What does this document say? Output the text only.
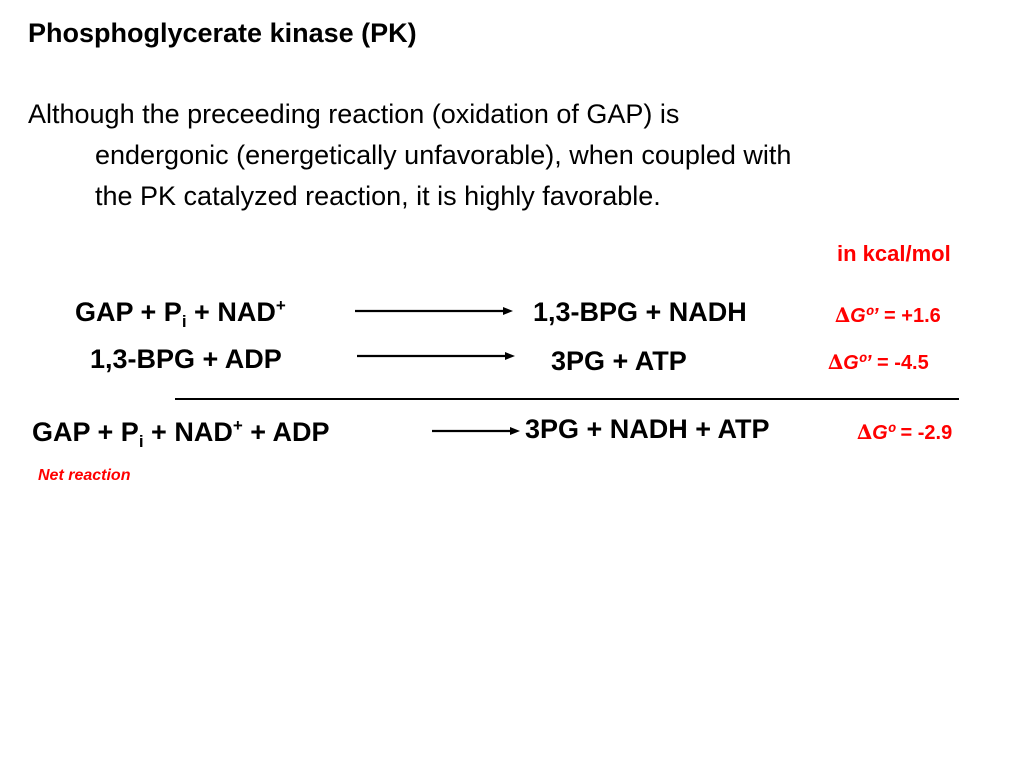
Phosphoglycerate kinase (PK)
Although the preceeding reaction (oxidation of GAP) is
endergonic (energetically unfavorable), when coupled with
the PK catalyzed reaction, it is highly favorable.
in kcal/mol
GAP + $P_i + NAD^+$	1,3-BPG + NADH	∆Gº’ = +1.6
1,3-BPG + ADP	3PG + ATP	∆Gº’ = -4.5
GAP + $P_i + NAD^+$ + ADP	3PG + NADH + ATP	∆Gº = -2.9
Net reaction
